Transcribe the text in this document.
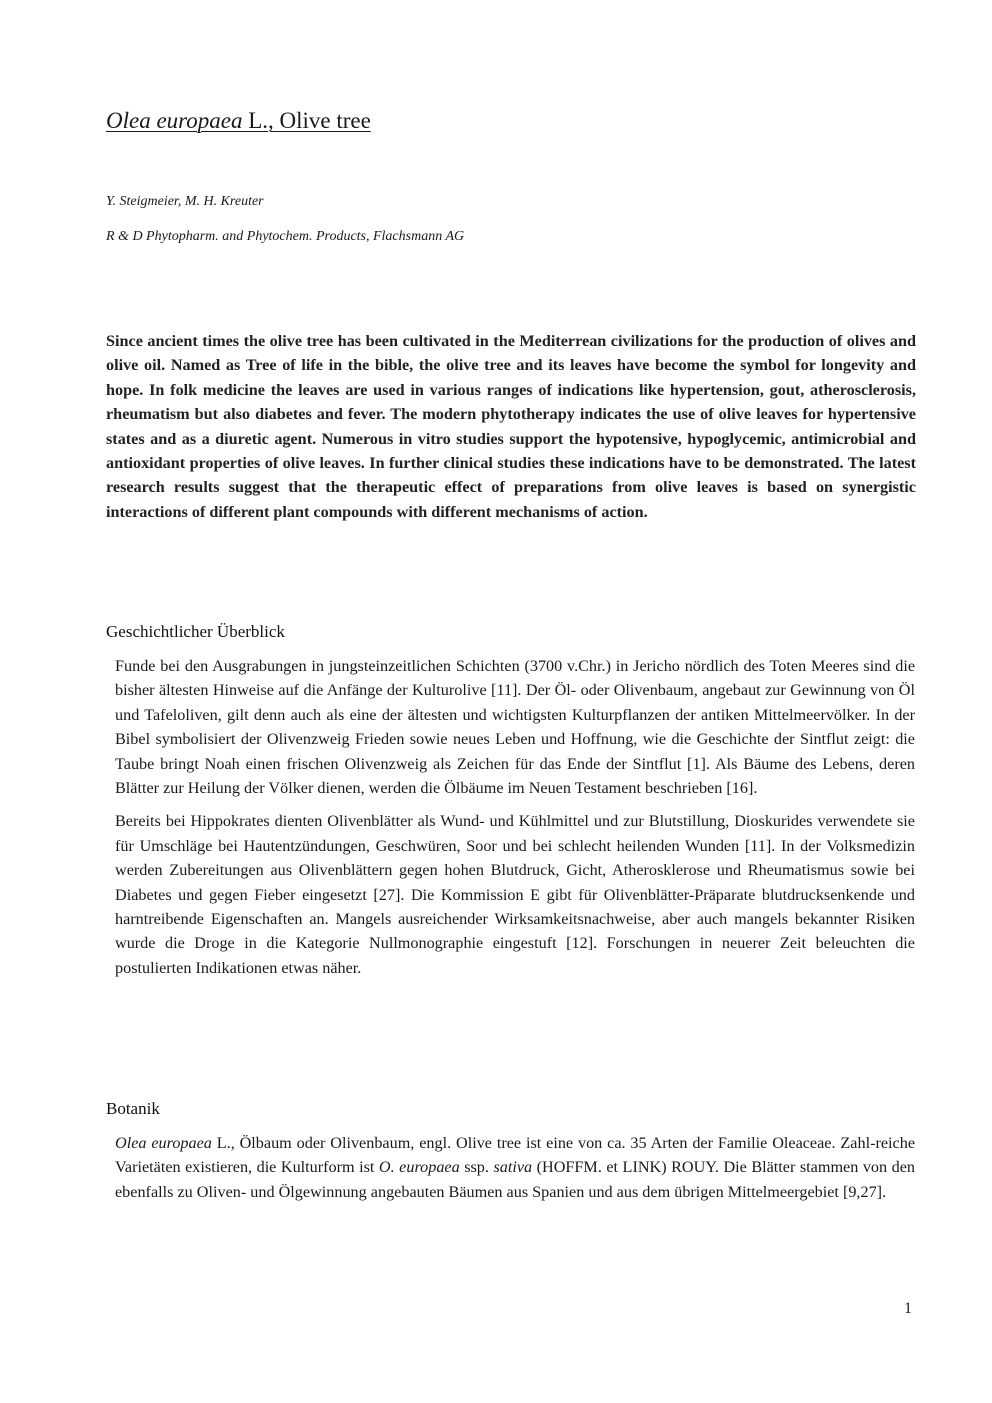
Olea europaea L., Olive tree
Y. Steigmeier, M. H. Kreuter
R & D Phytopharm. and Phytochem. Products, Flachsmann AG
Since ancient times the olive tree has been cultivated in the Mediterrean civilizations for the production of olives and olive oil. Named as Tree of life in the bible, the olive tree and its leaves have become the symbol for longevity and hope. In folk medicine the leaves are used in various ranges of indications like hypertension, gout, atherosclerosis, rheumatism but also diabetes and fever. The modern phytotherapy indicates the use of olive leaves for hypertensive states and as a diuretic agent. Numerous in vitro studies support the hypotensive, hypoglycemic, antimicrobial and antioxidant properties of olive leaves. In further clinical studies these indications have to be demonstrated. The latest research results suggest that the therapeutic effect of preparations from olive leaves is based on synergistic interactions of different plant compounds with different mechanisms of action.
Geschichtlicher Überblick

Funde bei den Ausgrabungen in jungsteinzeitlichen Schichten (3700 v.Chr.) in Jericho nördlich des Toten Meeres sind die bisher ältesten Hinweise auf die Anfänge der Kulturolive [11]. Der Öl- oder Olivenbaum, angebaut zur Gewinnung von Öl und Tafeloliven, gilt denn auch als eine der ältesten und wichtigsten Kulturpflanzen der antiken Mittelmeervölker. In der Bibel symbolisiert der Olivenzweig Frieden sowie neues Leben und Hoffnung, wie die Geschichte der Sintflut zeigt: die Taube bringt Noah einen frischen Olivenzweig als Zeichen für das Ende der Sintflut [1]. Als Bäume des Lebens, deren Blätter zur Heilung der Völker dienen, werden die Ölbäume im Neuen Testament beschrieben [16].

Bereits bei Hippokrates dienten Olivenblätter als Wund- und Kühlmittel und zur Blutstillung, Dioskurides verwendete sie für Umschläge bei Hautentzündungen, Geschwüren, Soor und bei schlecht heilenden Wunden [11]. In der Volksmedizin werden Zubereitungen aus Olivenblättern gegen hohen Blutdruck, Gicht, Atherosklerose und Rheumatismus sowie bei Diabetes und gegen Fieber eingesetzt [27]. Die Kommission E gibt für Olivenblätter-Präparate blutdrucksenkende und harntreibende Eigenschaften an. Mangels ausreichender Wirksamkeitsnachweise, aber auch mangels bekannter Risiken wurde die Droge in die Kategorie Nullmonographie eingestuft [12]. Forschungen in neuerer Zeit beleuchten die postulierten Indikationen etwas näher.

Botanik

Olea europaea L., Ölbaum oder Olivenbaum, engl. Olive tree ist eine von ca. 35 Arten der Familie Oleaceae. Zahl-reiche Varietäten existieren, die Kulturform ist O. europaea ssp. sativa (HOFFM. et LINK) ROUY. Die Blätter stammen von den ebenfalls zu Oliven- und Ölgewinnung angebauten Bäumen aus Spanien und aus dem übrigen Mittelmeergebiet [9,27].

1
